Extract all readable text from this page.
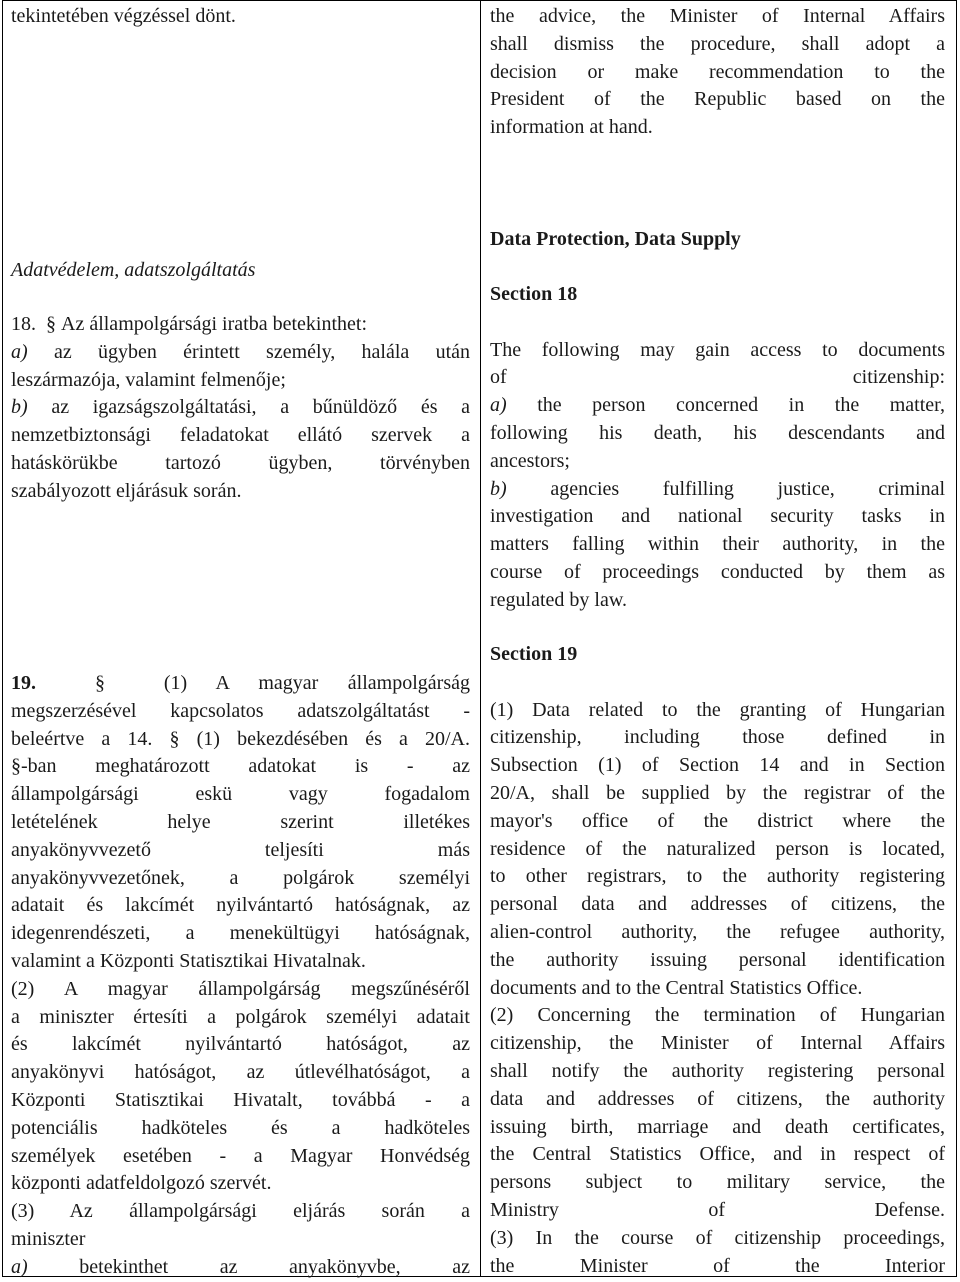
tekintetében végzéssel dönt.
Adatvédelem, adatszolgáltatás
18. § Az állampolgársági iratba betekinthet:
a) az ügyben érintett személy, halála után
leszármazója, valamint felmenője;
b) az igazságszolgáltatási, a bűnüldöző és a
nemzetbiztonsági feladatokat ellátó szervek a
hatáskörükbe tartozó ügyben, törvényben
szabályozott eljárásuk során.
19.	§	(1) A magyar állampolgárság
megszerzésével kapcsolatos adatszolgáltatást -
beleértve a 14. § (1) bekezdésében és a 20/A.
§-ban meghatározott adatokat is - az
állampolgársági eskü vagy fogadalom
letételének helye szerint illetékes
anyakönyvvezető teljesíti más
anyakönyvvezetőnek, a polgárok személyi
adatait és lakcímét nyilvántartó hatóságnak, az
idegenrendészeti, a menekültügyi hatóságnak,
valamint a Központi Statisztikai Hivatalnak.
(2) A magyar állampolgárság megszűnéséről
a miniszter értesíti a polgárok személyi adatait
és lakcímét nyilvántartó hatóságot, az
anyakönyvi hatóságot, az útlevélhatóságot, a
Központi Statisztikai Hivatalt, továbbá - a
potenciális hadköteles és a hadköteles
személyek esetében - a Magyar Honvédség
központi adatfeldolgozó szervét.
(3) Az állampolgársági eljárás során a
miniszter
a)	betekinthet az anyakönyvbe, az
the advice, the Minister of Internal Affairs
shall dismiss the procedure, shall adopt a
decision or make recommendation to the
President of the Republic based on the
information at hand.
Data Protection, Data Supply
Section 18
The following may gain access to documents
of citizenship:
a) the person concerned in the matter,
following his death, his descendants and
ancestors;
b) agencies fulfilling justice, criminal
investigation and national security tasks in
matters falling within their authority, in the
course of proceedings conducted by them as
regulated by law.
Section 19
(1) Data related to the granting of Hungarian
citizenship, including those defined in
Subsection (1) of Section 14 and in Section
20/A, shall be supplied by the registrar of the
mayor's office of the district where the
residence of the naturalized person is located,
to other registrars, to the authority registering
personal data and addresses of citizens, the
alien-control authority, the refugee authority,
the authority issuing personal identification
documents and to the Central Statistics Office.
(2) Concerning the termination of Hungarian
citizenship, the Minister of Internal Affairs
shall notify the authority registering personal
data and addresses of citizens, the authority
issuing birth, marriage and death certificates,
the Central Statistics Office, and in respect of
persons subject to military service, the
Ministry of Defense.
(3) In the course of citizenship proceedings,
the Minister of the Interior
